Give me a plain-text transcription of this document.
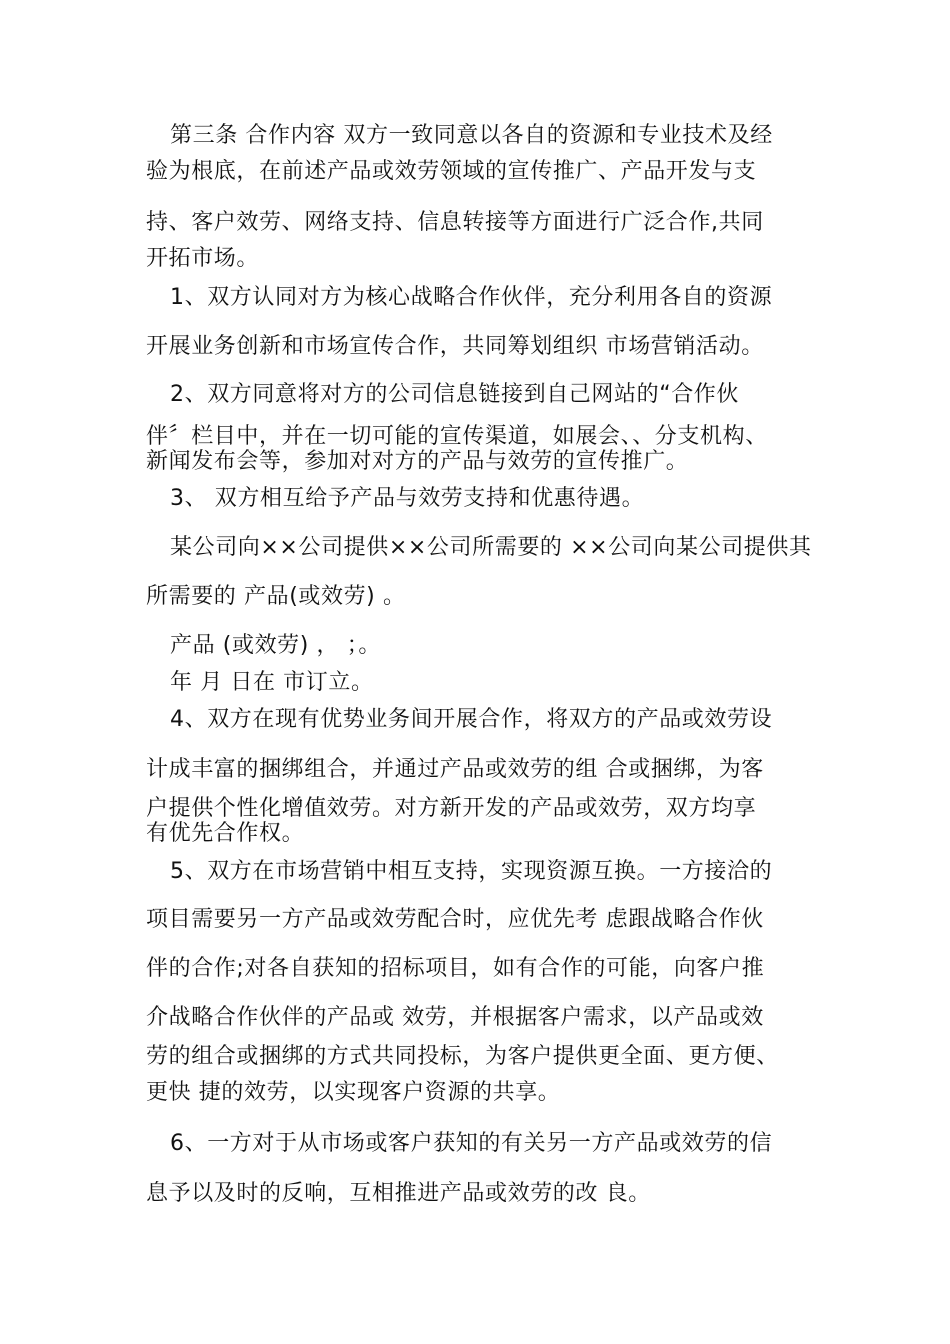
第三条 合作内容 双方一致同意以各自的资源和专业技术及经
验为根底，在前述产品或效劳领域的宣传推广、产品开发与支
持、客户效劳、网络支持、信息转接等方面进行广泛合作,共同
开拓市场。
1、双方认同对方为核心战略合作伙伴，充分利用各自的资源
开展业务创新和市场宣传合作，共同筹划组织 市场营销活动。
2、双方同意将对方的公司信息链接到自己网站的“合作伙
伴〞栏目中，并在一切可能的宣传渠道，如展会、、分支机构、
新闻发布会等，参加对对方的产品与效劳的宣传推广。
3、 双方相互给予产品与效劳支持和优惠待遇。
某公司向××公司提供××公司所需要的 ××公司向某公司提供其
所需要的 产品(或效劳) 。
产品 (或效劳) ， ；。
年 月 日在 市订立。
4、双方在现有优势业务间开展合作，将双方的产品或效劳设
计成丰富的捆绑组合，并通过产品或效劳的组 合或捆绑，为客
户提供个性化增值效劳。对方新开发的产品或效劳，双方均享
有优先合作权。
5、双方在市场营销中相互支持，实现资源互换。一方接洽的
项目需要另一方产品或效劳配合时，应优先考 虑跟战略合作伙
伴的合作;对各自获知的招标项目，如有合作的可能，向客户推
介战略合作伙伴的产品或 效劳，并根据客户需求，以产品或效
劳的组合或捆绑的方式共同投标，为客户提供更全面、更方便、
更快 捷的效劳，以实现客户资源的共享。
6、一方对于从市场或客户获知的有关另一方产品或效劳的信
息予以及时的反响，互相推进产品或效劳的改 良。
